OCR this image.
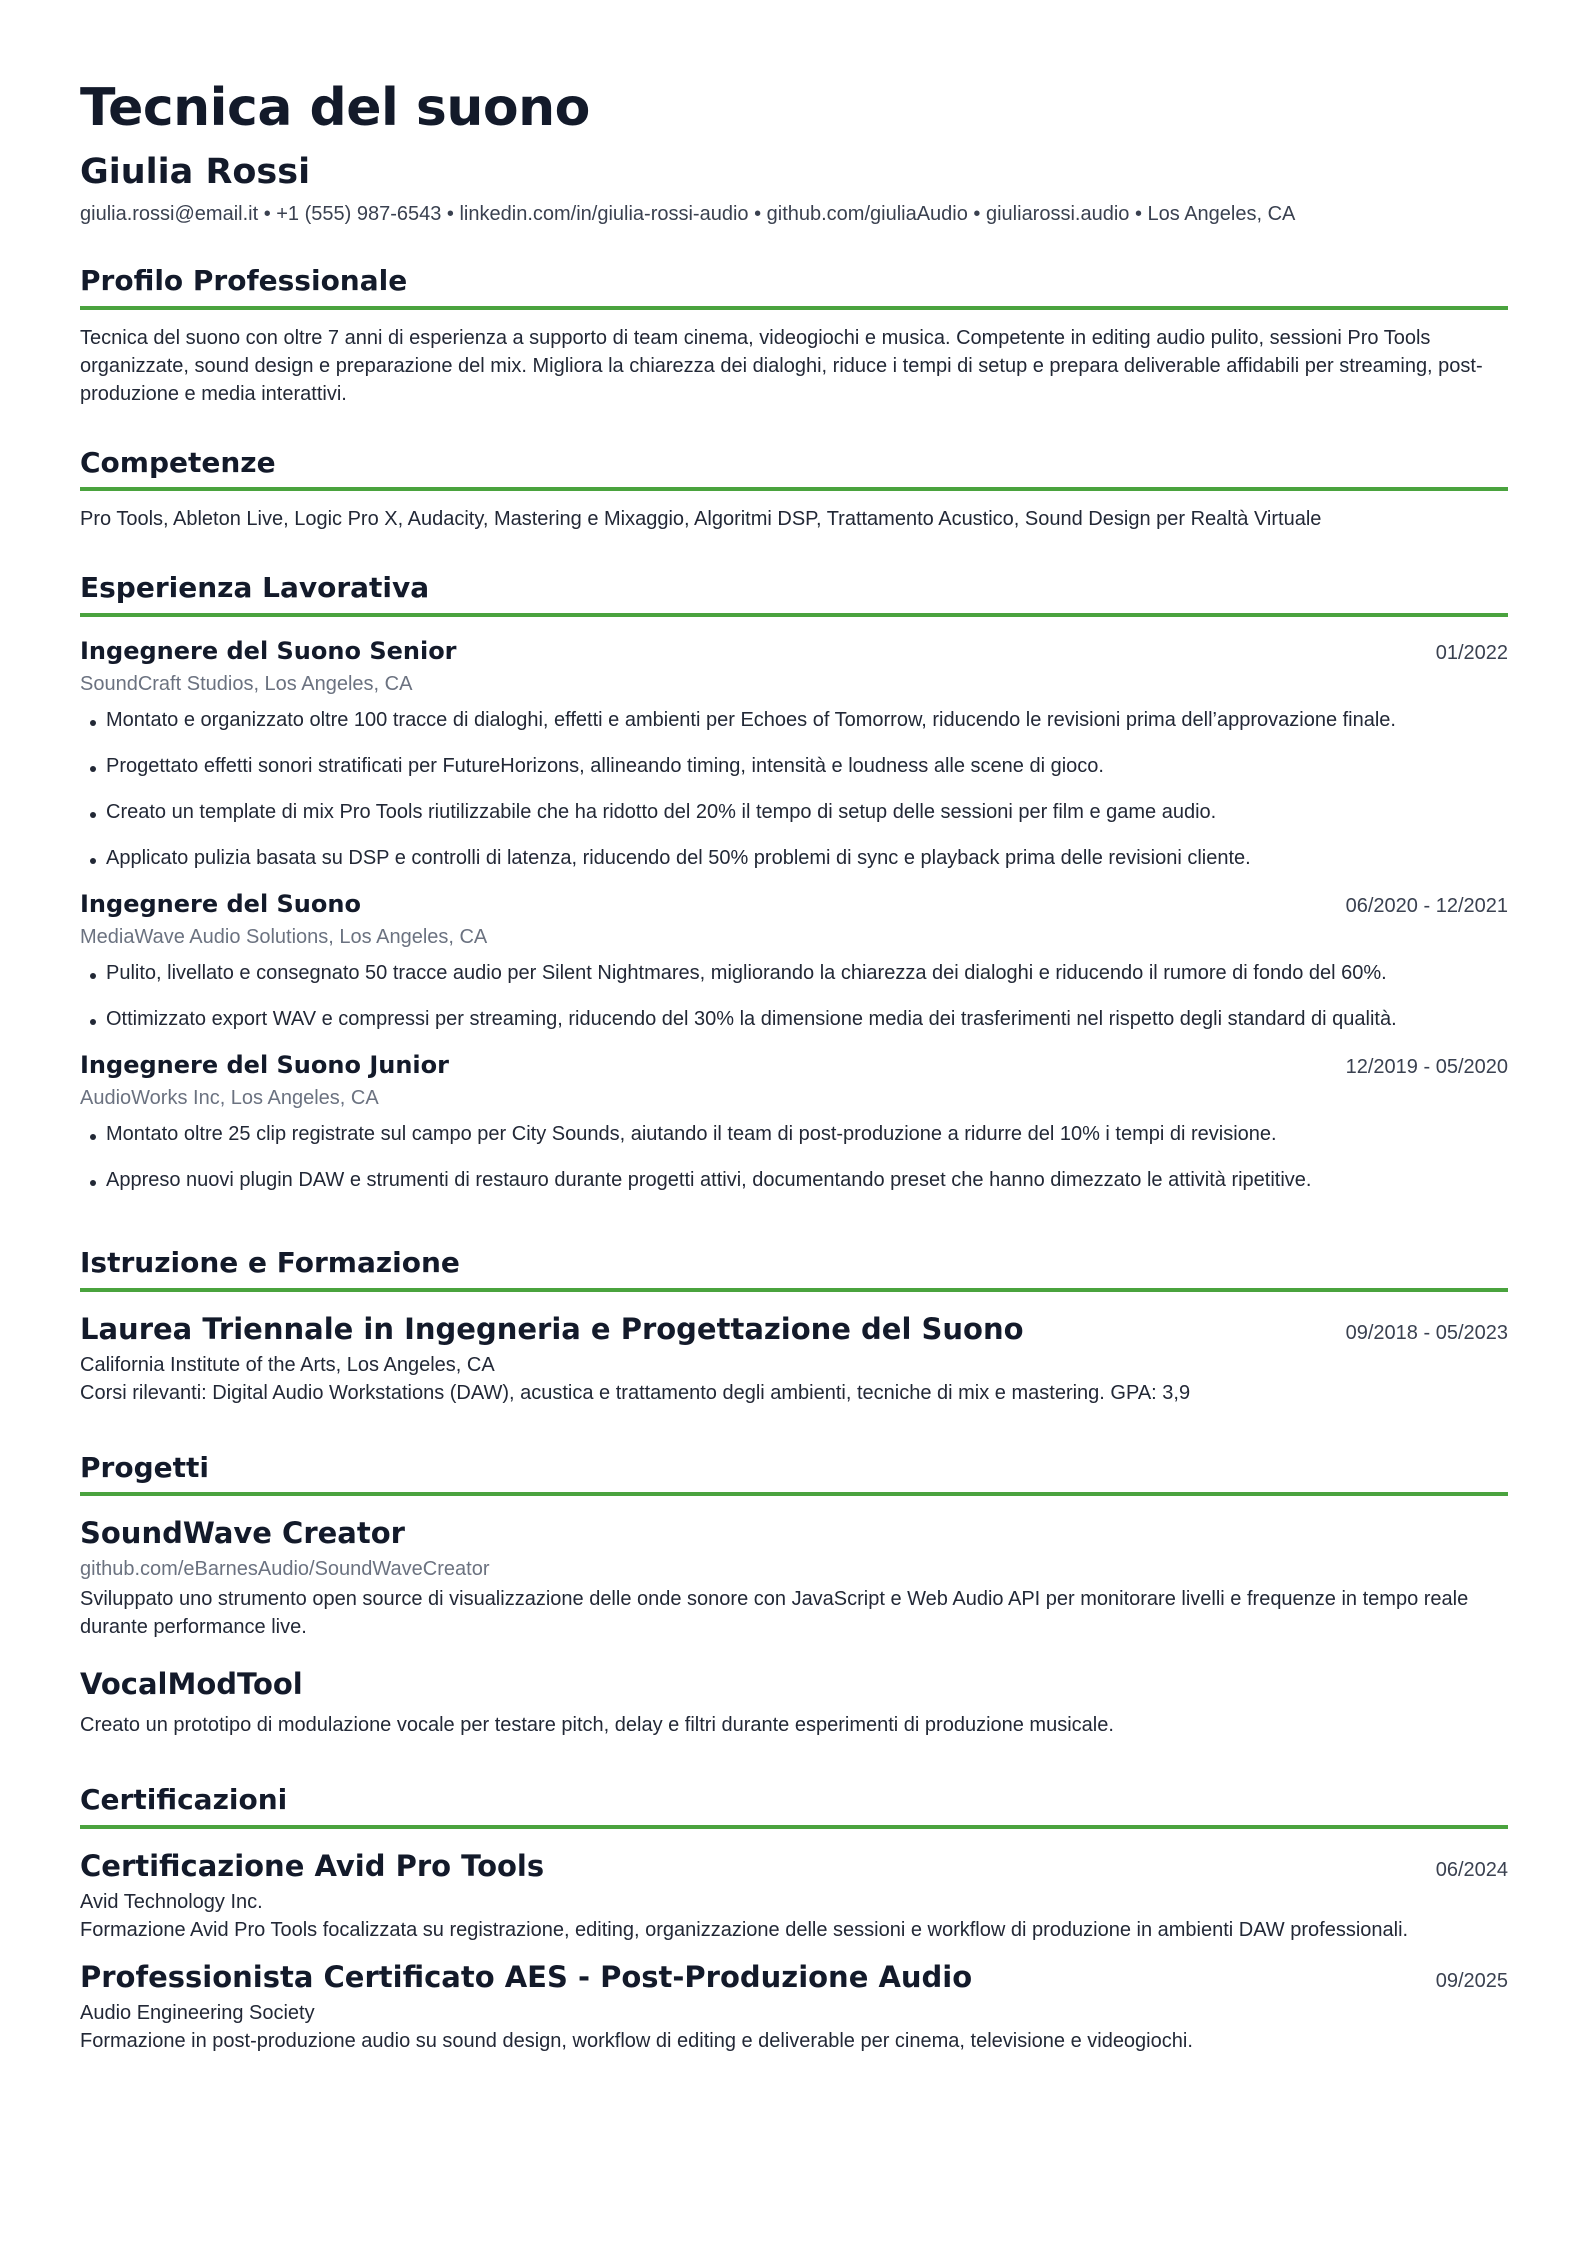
Tecnica del suono
Giulia Rossi
giulia.rossi@email.it • +1 (555) 987-6543 • linkedin.com/in/giulia-rossi-audio • github.com/giuliaAudio • giuliarossi.audio • Los Angeles, CA
Profilo Professionale
Tecnica del suono con oltre 7 anni di esperienza a supporto di team cinema, videogiochi e musica. Competente in editing audio pulito, sessioni Pro Tools organizzate, sound design e preparazione del mix. Migliora la chiarezza dei dialoghi, riduce i tempi di setup e prepara deliverable affidabili per streaming, post-produzione e media interattivi.
Competenze
Pro Tools, Ableton Live, Logic Pro X, Audacity, Mastering e Mixaggio, Algoritmi DSP, Trattamento Acustico, Sound Design per Realtà Virtuale
Esperienza Lavorativa
Ingegnere del Suono Senior	01/2022
SoundCraft Studios, Los Angeles, CA
Montato e organizzato oltre 100 tracce di dialoghi, effetti e ambienti per Echoes of Tomorrow, riducendo le revisioni prima dell’approvazione finale.
Progettato effetti sonori stratificati per FutureHorizons, allineando timing, intensità e loudness alle scene di gioco.
Creato un template di mix Pro Tools riutilizzabile che ha ridotto del 20% il tempo di setup delle sessioni per film e game audio.
Applicato pulizia basata su DSP e controlli di latenza, riducendo del 50% problemi di sync e playback prima delle revisioni cliente.
Ingegnere del Suono	06/2020 - 12/2021
MediaWave Audio Solutions, Los Angeles, CA
Pulito, livellato e consegnato 50 tracce audio per Silent Nightmares, migliorando la chiarezza dei dialoghi e riducendo il rumore di fondo del 60%.
Ottimizzato export WAV e compressi per streaming, riducendo del 30% la dimensione media dei trasferimenti nel rispetto degli standard di qualità.
Ingegnere del Suono Junior	12/2019 - 05/2020
AudioWorks Inc, Los Angeles, CA
Montato oltre 25 clip registrate sul campo per City Sounds, aiutando il team di post-produzione a ridurre del 10% i tempi di revisione.
Appreso nuovi plugin DAW e strumenti di restauro durante progetti attivi, documentando preset che hanno dimezzato le attività ripetitive.
Istruzione e Formazione
Laurea Triennale in Ingegneria e Progettazione del Suono	09/2018 - 05/2023
California Institute of the Arts, Los Angeles, CA
Corsi rilevanti: Digital Audio Workstations (DAW), acustica e trattamento degli ambienti, tecniche di mix e mastering. GPA: 3,9
Progetti
SoundWave Creator
github.com/eBarnesAudio/SoundWaveCreator
Sviluppato uno strumento open source di visualizzazione delle onde sonore con JavaScript e Web Audio API per monitorare livelli e frequenze in tempo reale durante performance live.
VocalModTool
Creato un prototipo di modulazione vocale per testare pitch, delay e filtri durante esperimenti di produzione musicale.
Certificazioni
Certificazione Avid Pro Tools	06/2024
Avid Technology Inc.
Formazione Avid Pro Tools focalizzata su registrazione, editing, organizzazione delle sessioni e workflow di produzione in ambienti DAW professionali.
Professionista Certificato AES - Post-Produzione Audio	09/2025
Audio Engineering Society
Formazione in post-produzione audio su sound design, workflow di editing e deliverable per cinema, televisione e videogiochi.
